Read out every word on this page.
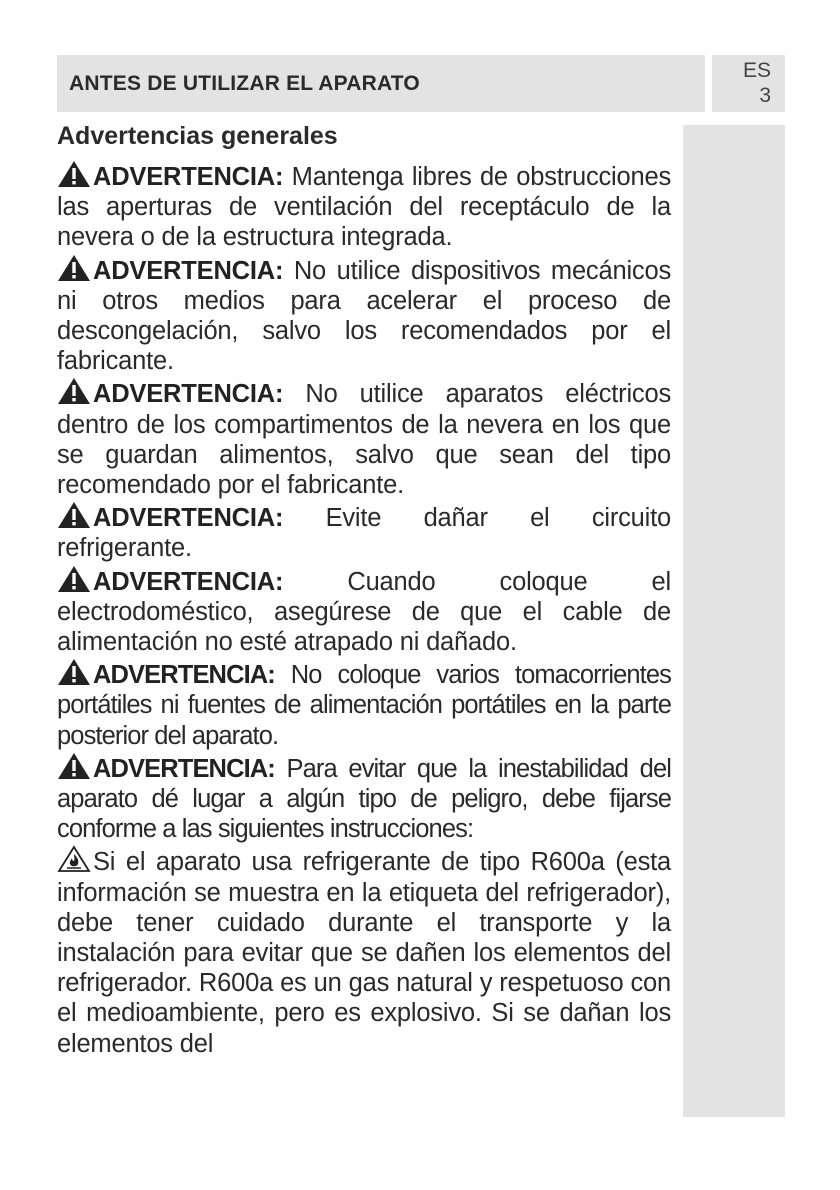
ANTES DE UTILIZAR EL APARATO
ES
3
Advertencias generales

ADVERTENCIA: Mantenga libres de obstrucciones las aperturas de ventilación del receptáculo de la nevera o de la estructura integrada.

ADVERTENCIA: No utilice dispositivos mecánicos ni otros medios para acelerar el proceso de descongelación, salvo los recomendados por el fabricante.

ADVERTENCIA: No utilice aparatos eléctricos dentro de los compartimentos de la nevera en los que se guardan alimentos, salvo que sean del tipo recomendado por el fabricante.

ADVERTENCIA: Evite dañar el circuito refrigerante.

ADVERTENCIA:	Cuando coloque el electrodoméstico, asegúrese de que el cable de alimentación no esté atrapado ni dañado.

ADVERTENCIA: No coloque varios tomacorrientes portátiles ni fuentes de alimentación portátiles en la parte posterior del aparato.

ADVERTENCIA: Para evitar que la inestabilidad del aparato dé lugar a algún tipo de peligro, debe fijarse conforme a las siguientes instrucciones:

Si el aparato usa refrigerante de tipo R600a (esta información se muestra en la etiqueta del refrigerador), debe tener cuidado durante el transporte y la instalación para evitar que se dañen los elementos del refrigerador. R600a es un gas natural y respetuoso con el medioambiente, pero es explosivo. Si se dañan los elementos del
